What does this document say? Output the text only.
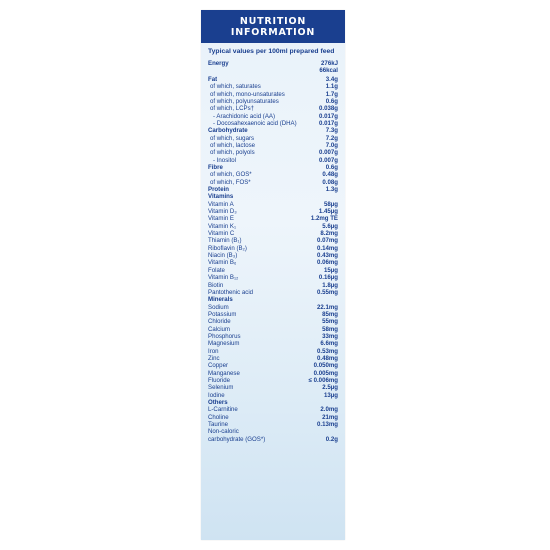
NUTRITION
INFORMATION
Typical values per 100ml prepared feed
Energy	276kJ
66kcal
Fat	3.4g
of which, saturates	1.1g
of which, mono-unsaturates	1.7g
of which, polyunsaturates	0.6g
of which, LCPs†	0.038g
- Arachidonic acid (AA)	0.017g
- Docosahexaenoic acid (DHA)	0.017g
Carbohydrate	7.3g
of which, sugars	7.2g
of which, lactose	7.0g
of which, polyols	0.007g
- Inositol	0.007g
Fibre	0.6g
of which, GOS*	0.48g
of which, FOS*	0.08g
Protein	1.3g
Vitamins
Vitamin A	58µg
Vitamin D₃	1.45µg
Vitamin E	1.2mg TE
Vitamin K₁	5.6µg
Vitamin C	8.2mg
Thiamin (B₁)	0.07mg
Riboflavin (B₂)	0.14mg
Niacin (B₃)	0.43mg
Vitamin B₆	0.06mg
Folate	15µg
Vitamin B₁₂	0.16µg
Biotin	1.8µg
Pantothenic acid	0.55mg
Minerals
Sodium	22.1mg
Potassium	85mg
Chloride	55mg
Calcium	58mg
Phosphorus	33mg
Magnesium	6.6mg
Iron	0.53mg
Zinc	0.48mg
Copper	0.050mg
Manganese	0.005mg
Fluoride	≤ 0.006mg
Selenium	2.5µg
Iodine	13µg
Others
L-Carnitine	2.0mg
Choline	21mg
Taurine	0.13mg
Non-caloric
carbohydrate (GOS*)	0.2g
